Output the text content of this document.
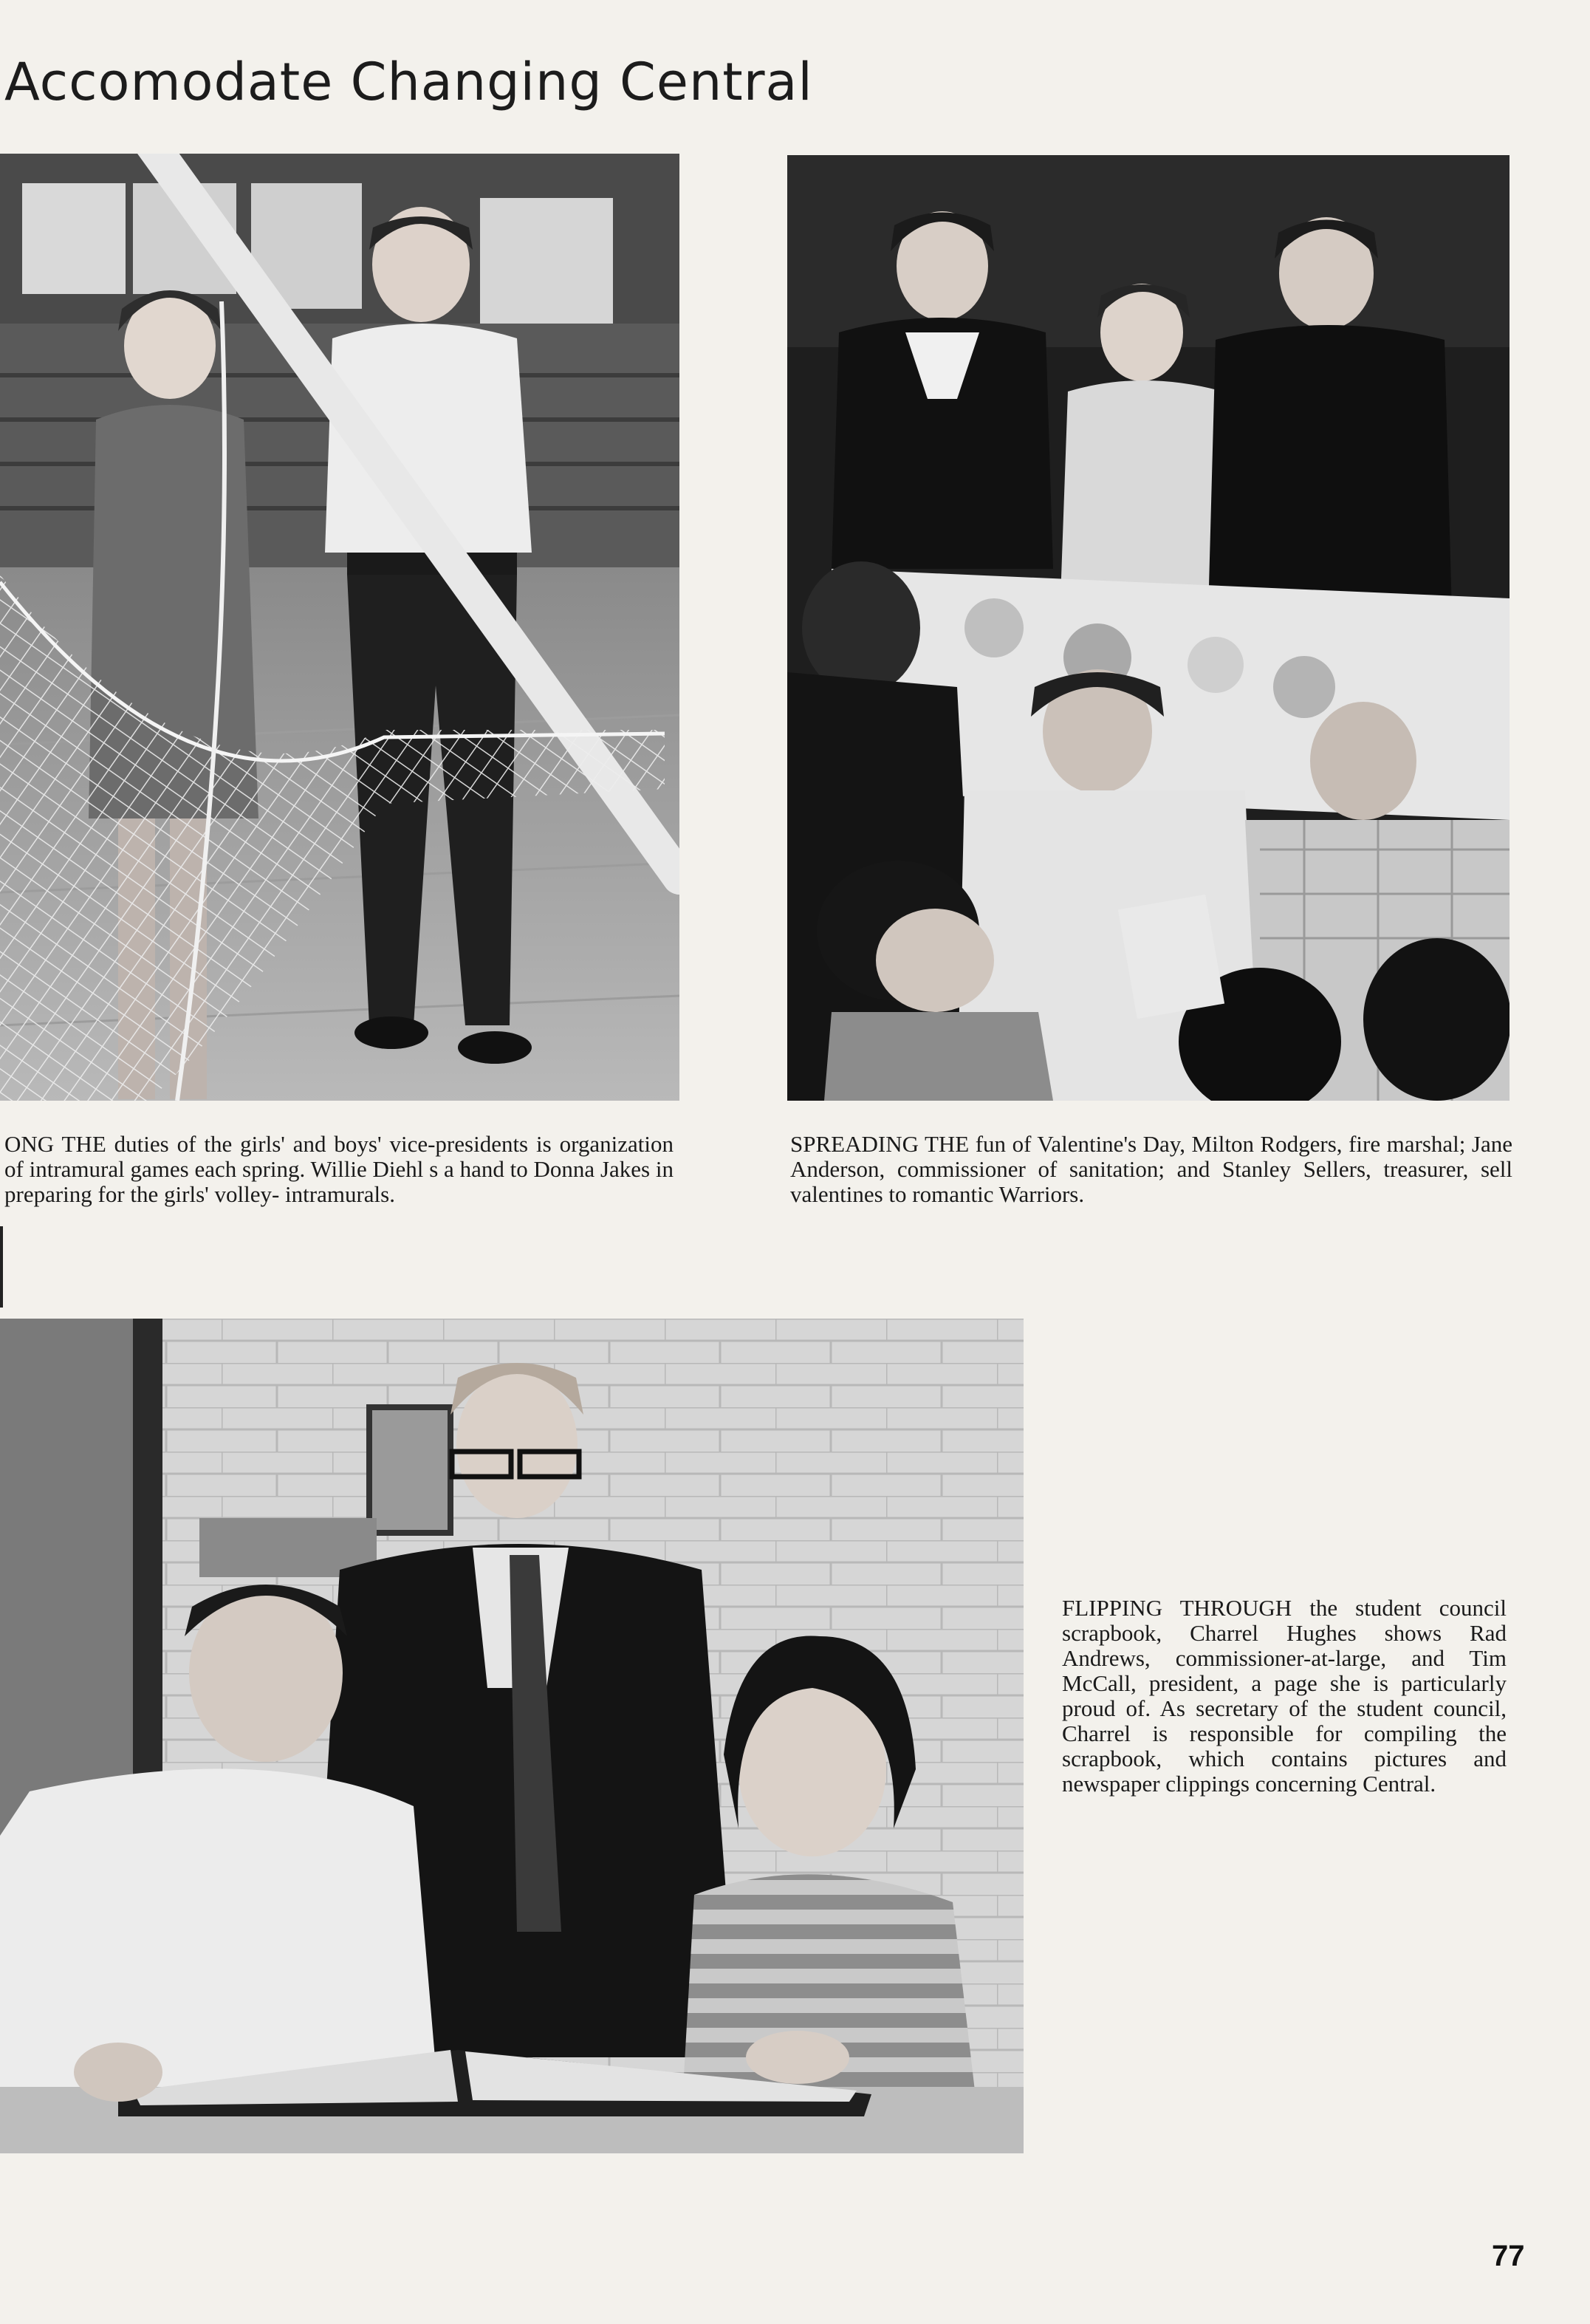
Accomodate Changing Central

ONG THE duties of the girls' and boys' vice-presidents is organization of intramural games each spring. Willie Diehl s a hand to Donna Jakes in preparing for the girls' volley- intramurals.

SPREADING THE fun of Valentine's Day, Milton Rodgers, fire marshal; Jane Anderson, commissioner of sanitation; and Stanley Sellers, treasurer, sell valentines to romantic Warriors.

FLIPPING THROUGH the student council scrapbook, Charrel Hughes shows Rad Andrews, commissioner-at-large, and Tim McCall, president, a page she is particularly proud of. As secretary of the student council, Charrel is responsible for compiling the scrapbook, which contains pictures and newspaper clippings concerning Central.

77
